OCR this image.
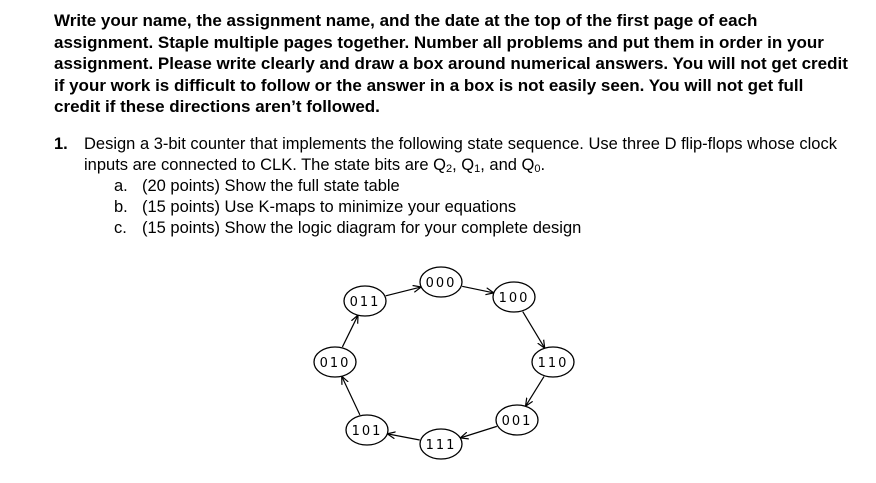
Write your name, the assignment name, and the date at the top of the first page of each assignment. Staple multiple pages together. Number all problems and put them in order in your assignment. Please write clearly and draw a box around numerical answers. You will not get credit if your work is difficult to follow or the answer in a box is not easily seen. You will not get full credit if these directions aren’t followed.
1. Design a 3-bit counter that implements the following state sequence. Use three D flip-flops whose clock inputs are connected to CLK. The state bits are $Q_2$, $Q_1$, and $Q_0$.
a. (20 points) Show the full state table
b. (15 points) Use K-maps to minimize your equations
c. (15 points) Show the logic diagram for your complete design
000
100
110
001
111
101
010
011
